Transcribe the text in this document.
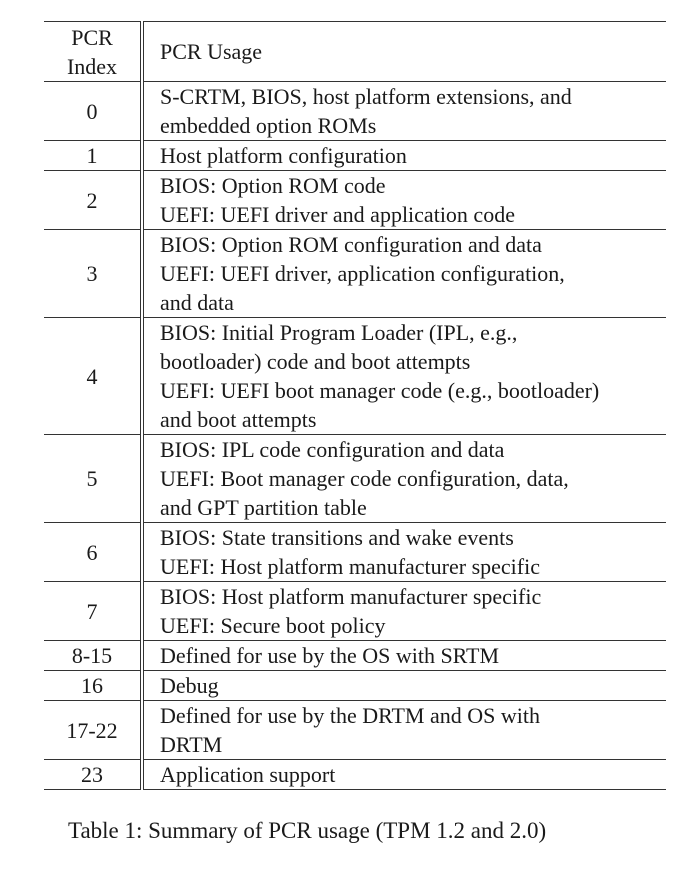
PCR
Index	PCR Usage
0	S-CRTM, BIOS, host platform extensions, and
embedded option ROMs

1	Host platform configuration

2	BIOS: Option ROM code
UEFI: UEFI driver and application code

3	BIOS: Option ROM configuration and data
UEFI: UEFI driver, application configuration,
and data

4	BIOS: Initial Program Loader (IPL, e.g.,
bootloader) code and boot attempts
UEFI: UEFI boot manager code (e.g., bootloader)
and boot attempts

5	BIOS: IPL code configuration and data
UEFI: Boot manager code configuration, data,
and GPT partition table

6	BIOS: State transitions and wake events
UEFI: Host platform manufacturer specific

7	BIOS: Host platform manufacturer specific
UEFI: Secure boot policy

8-15	Defined for use by the OS with SRTM

16	Debug

17-22	Defined for use by the DRTM and OS with
DRTM

23	Application support
Table 1: Summary of PCR usage (TPM 1.2 and 2.0)
